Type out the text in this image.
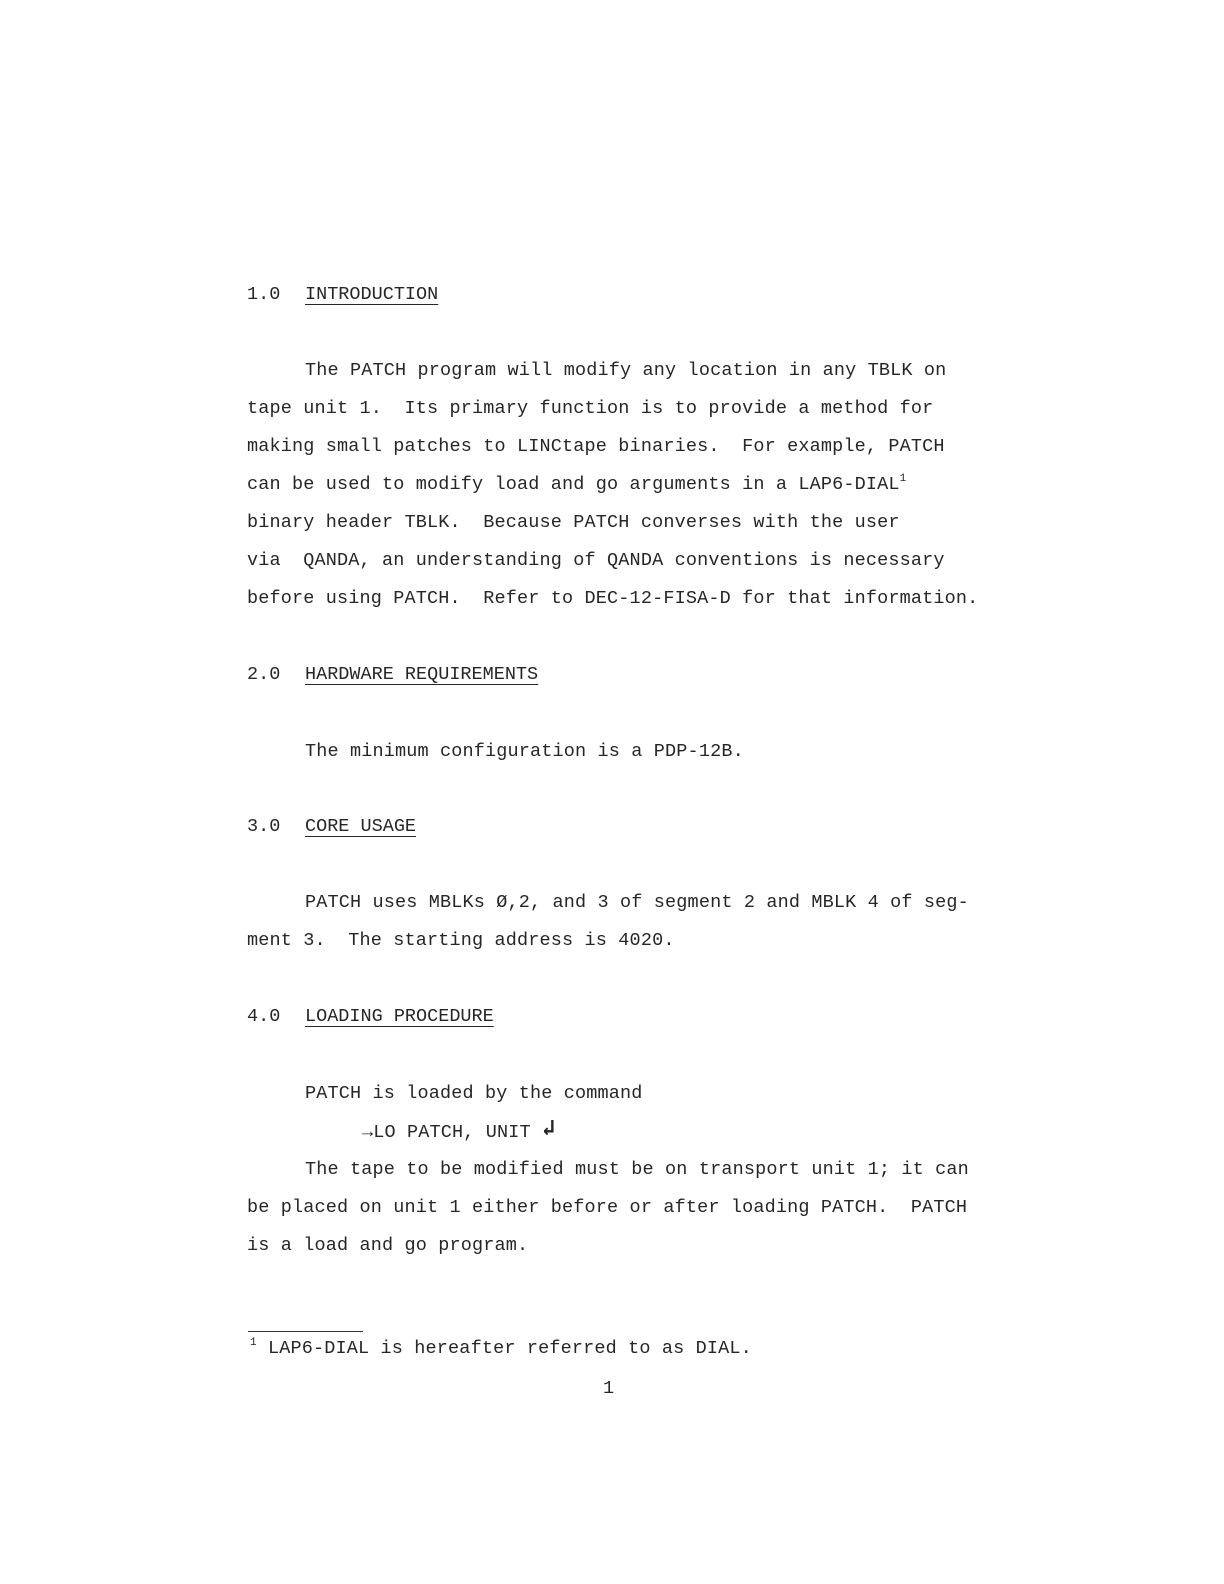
1.0 INTRODUCTION
The PATCH program will modify any location in any TBLK on
tape unit 1.  Its primary function is to provide a method for
making small patches to LINCtape binaries.  For example, PATCH
can be used to modify load and go arguments in a LAP6-DIAL$^1$
binary header TBLK.  Because PATCH converses with the user
via  QANDA, an understanding of QANDA conventions is necessary
before using PATCH.  Refer to DEC-12-FISA-D for that information.
2.0 HARDWARE REQUIREMENTS
The minimum configuration is a PDP-12B.
3.0 CORE USAGE
PATCH uses MBLKs Ø,2, and 3 of segment 2 and MBLK 4 of seg-
ment 3.  The starting address is 4020.
4.0 LOADING PROCEDURE
PATCH is loaded by the command
→LO PATCH, UNIT ↲
The tape to be modified must be on transport unit 1; it can
be placed on unit 1 either before or after loading PATCH.  PATCH
is a load and go program.
$^1$ LAP6-DIAL is hereafter referred to as DIAL.
1
